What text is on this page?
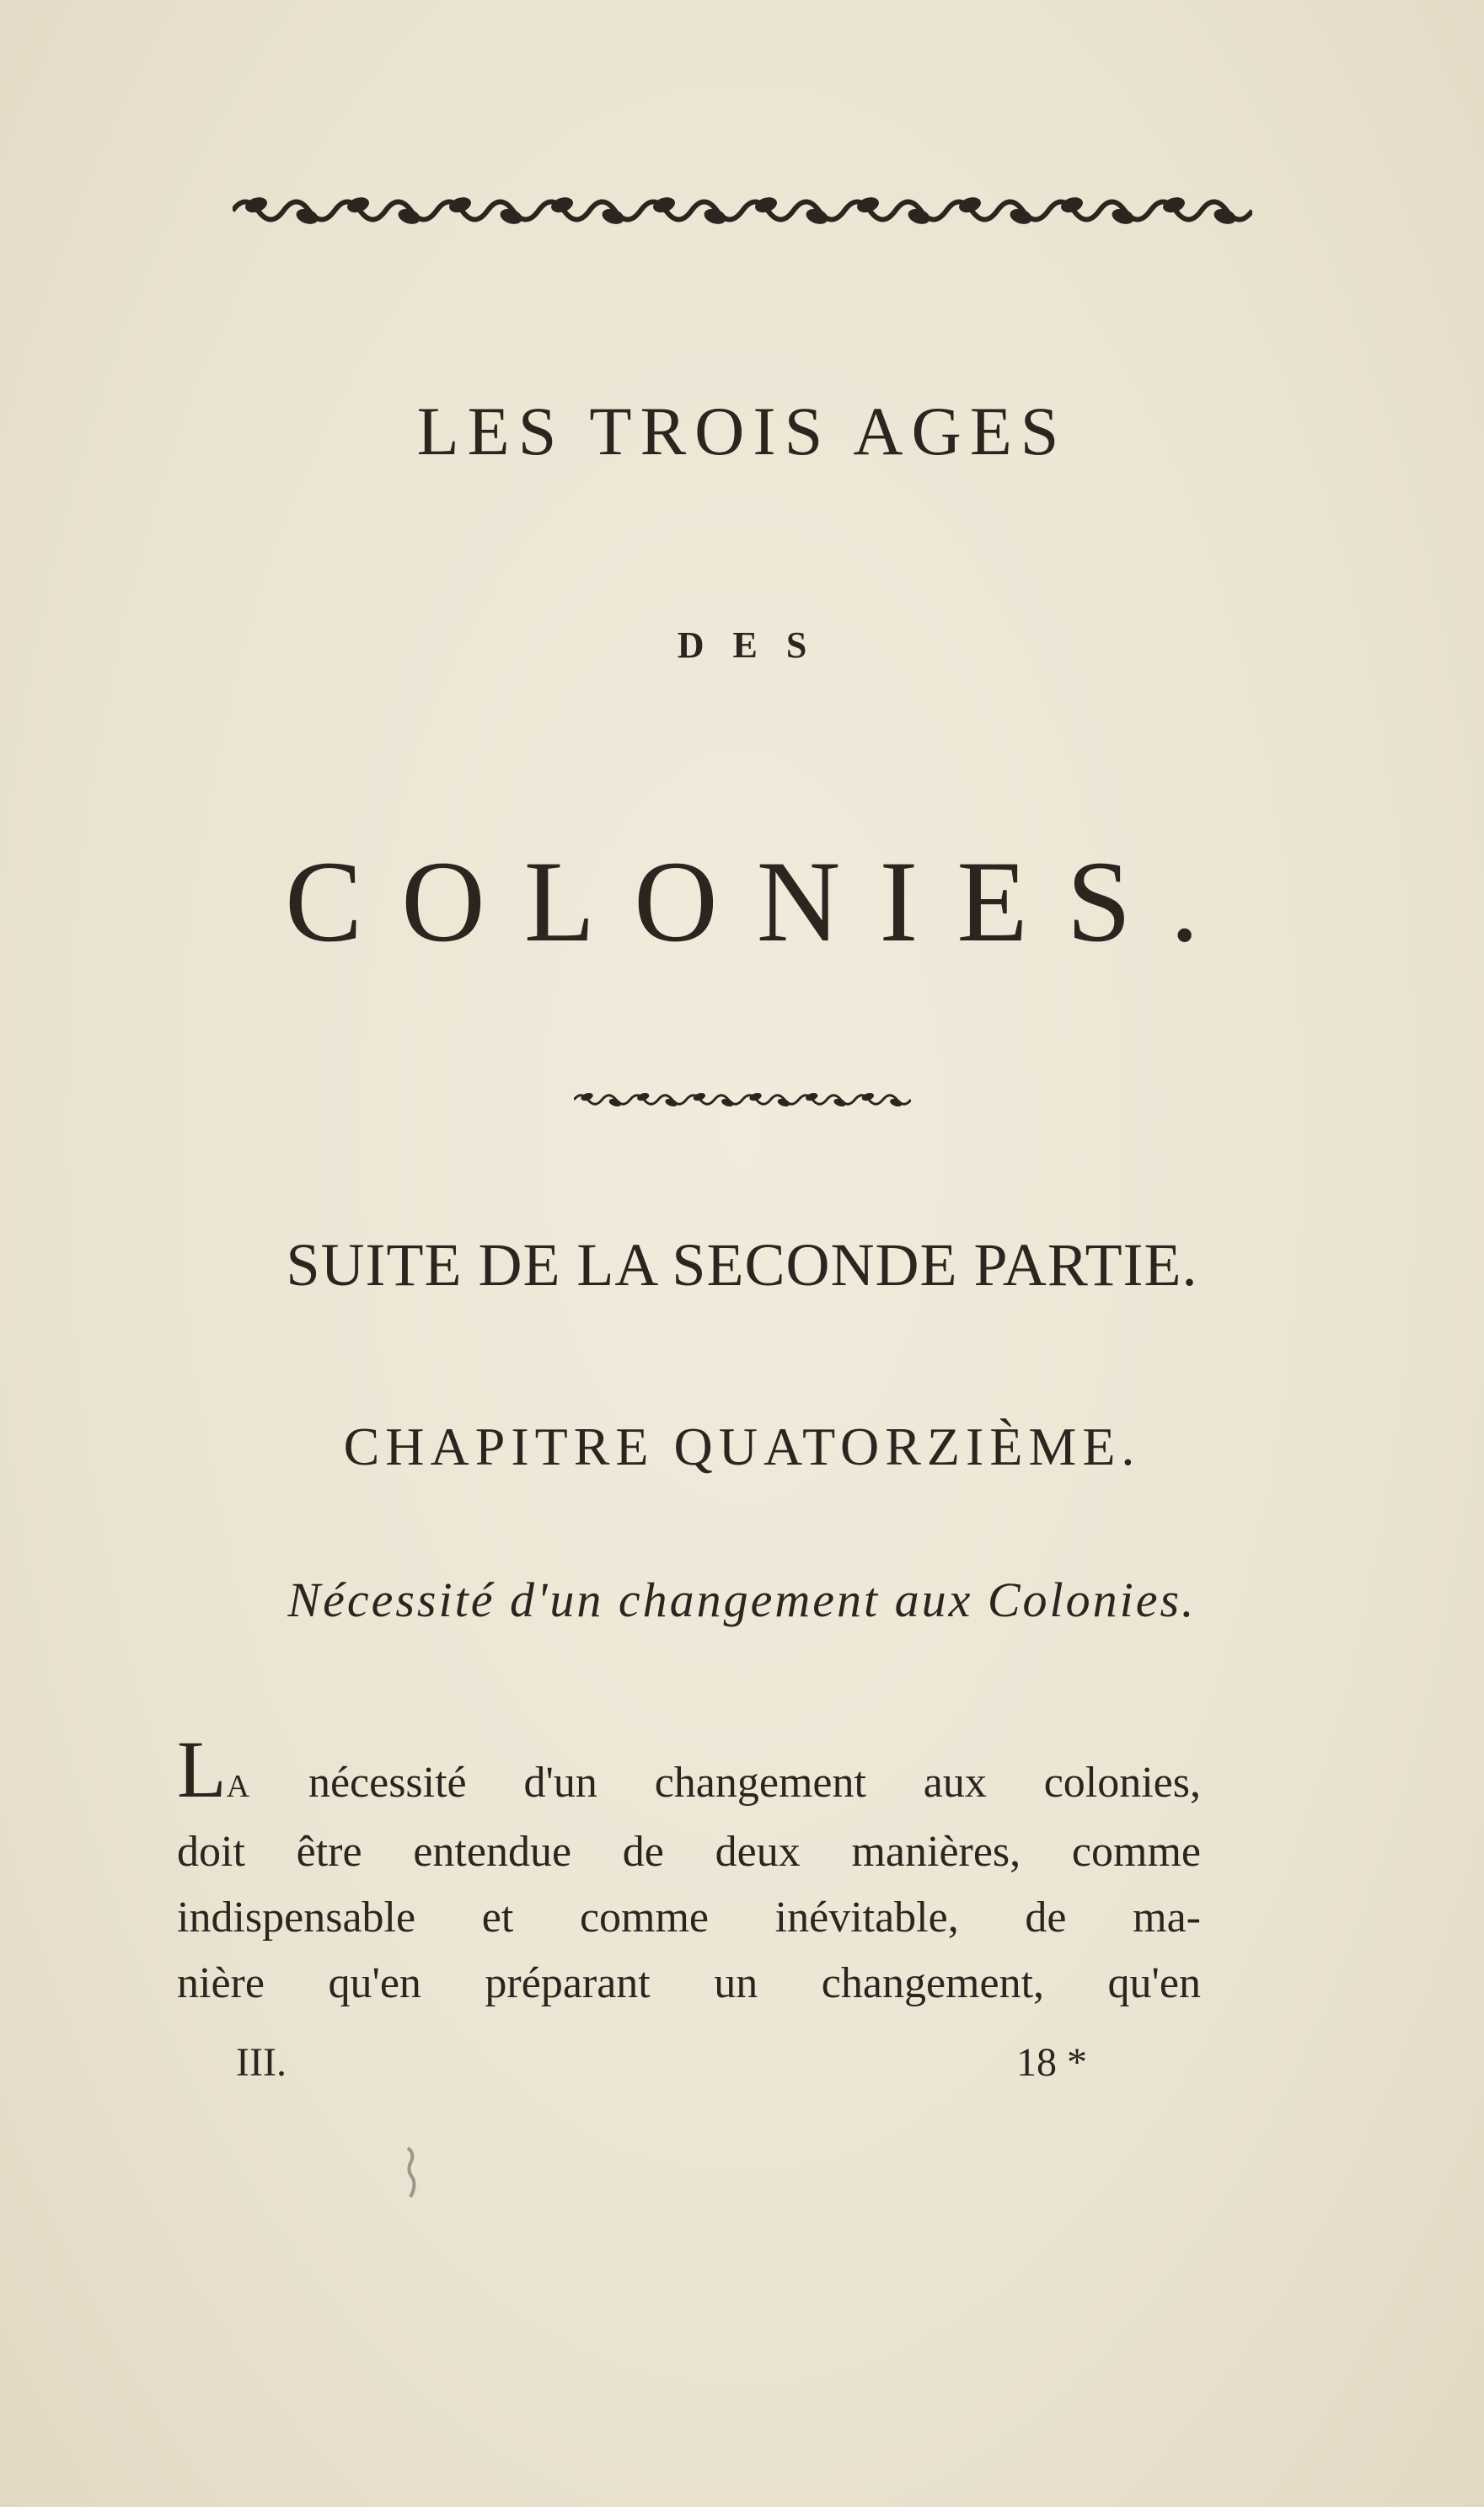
LES TROIS AGES
DES
COLONIES.
SUITE DE LA SECONDE PARTIE.
CHAPITRE QUATORZIÈME.
Nécessité d'un changement aux Colonies.
LA nécessité d'un changement aux colonies,
doit être entendue de deux manières, comme
indispensable et comme inévitable, de ma-
nière qu'en préparant un changement, qu'en
III.	18 *
